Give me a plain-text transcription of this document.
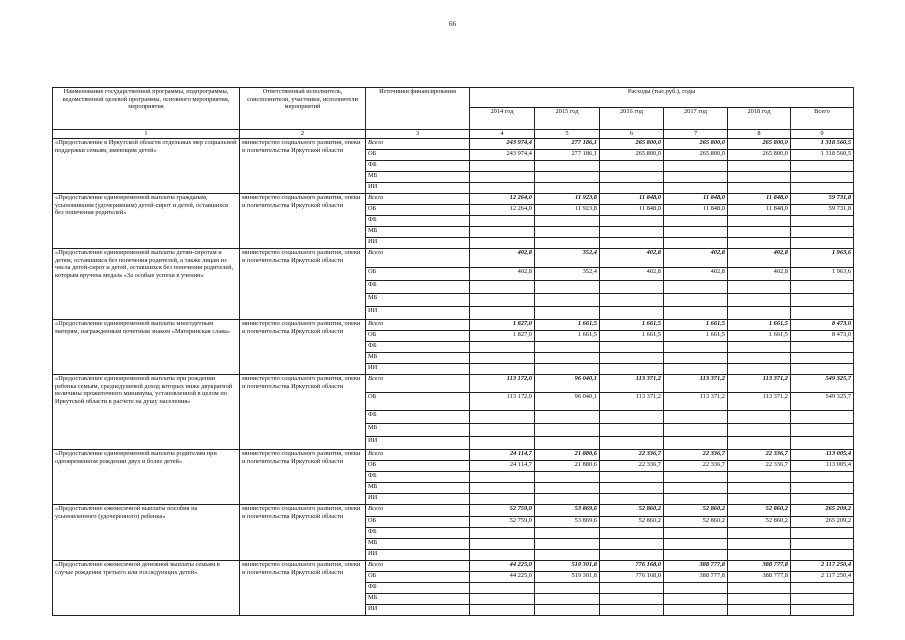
66
Наименование государственной программы, подпрограммы, ведомственной целевой программы, основного мероприятия, мероприятия	Ответственный исполнитель, соисполнители, участники, исполнители мероприятий	Источники финансирования	Расходы (тыс.руб.), годы					
			2014 год	2015 год	2016 год	2017 год	2018 год	Всего
1	2	3	4	5	6	7	8	9
«Предоставление в Иркутской области отдельных мер социальной поддержки семьям, имеющим детей»	министерство социального развития, опеки и попечительства Иркутской области	Всего	243 974,4	277 186,1	265 800,0	265 800,0	265 800,0	1 318 560,5
		ОБ	243 974,4	277 186,1	265 800,0	265 800,0	265 800,0	1 318 560,5
		ФБ						
		МБ						
		ИИ						
«Предоставление единовременной выплаты гражданам, усыновившим (удочерившим) детей-сирот и детей, оставшихся без попечения родителей»	министерство социального развития, опеки и попечительства Иркутской области	Всего	12 264,0	11 923,8	11 848,0	11 848,0	11 848,0	59 731,8
		ОБ	12 264,0	11 923,8	11 848,0	11 848,0	11 848,0	59 731,8
		ФБ						
		МБ						
		ИИ						
«Предоставление единовременной выплаты детям-сиротам и детям, оставшимся без попечения родителей, а также лицам из числа детей-сирот и детей, оставшихся без попечения родителей, которым вручена медаль «За особые успехи в учении»	министерство социального развития, опеки и попечительства Иркутской области	Всего	402,8	352,4	402,8	402,8	402,8	1 963,6
		ОБ	402,8	352,4	402,8	402,8	402,8	1 963,6
		ФБ						
		МБ						
		ИИ						
«Предоставление единовременной выплаты многодетным матерям, награжденным почетным знаком «Материнская слава»	министерство социального развития, опеки и попечительства Иркутской области	Всего	1 827,0	1 661,5	1 661,5	1 661,5	1 661,5	8 473,0
		ОБ	1 827,0	1 661,5	1 661,5	1 661,5	1 661,5	8 473,0
		ФБ						
		МБ						
		ИИ						
«Предоставление единовременной выплаты при рождении ребенка семьям, среднедушевой доход которых ниже двукратной величины прожиточного минимума, установленной в целом по Иркутской области в расчете на душу населения»	министерство социального развития, опеки и попечительства Иркутской области	Всего	113 172,0	96 040,1	113 371,2	113 371,2	113 371,2	549 325,7
		ОБ	113 172,0	96 040,1	113 371,2	113 371,2	113 371,2	549 325,7
		ФБ						
		МБ						
		ИИ						
«Предоставление единовременной выплаты родителям при одновременном рождении двух и более детей»	министерство социального развития, опеки и попечительства Иркутской области	Всего	24 114,7	21 880,6	22 336,7	22 336,7	22 336,7	113 005,4
		ОБ	24 114,7	21 880,6	22 336,7	22 336,7	22 336,7	113 005,4
		ФБ						
		МБ						
		ИИ						
«Предоставление ежемесячной выплаты пособия на усыновленного (удочеренного) ребенка»	министерство социального развития, опеки и попечительства Иркутской области	Всего	52 759,0	53 869,6	52 860,2	52 860,2	52 860,2	265 209,2
		ОБ	52 759,0	53 869,6	52 860,2	52 860,2	52 860,2	265 209,2
		ФБ						
		МБ						
		ИИ						
«Предоставление ежемесячной денежной выплаты семьям в случае рождения третьего или последующих детей»	министерство социального развития, опеки и попечительства Иркутской области	Всего	44 225,0	519 301,8	776 168,0	388 777,8	388 777,8	2 117 250,4
		ОБ	44 225,0	519 301,8	776 168,0	388 777,8	388 777,8	2 117 250,4
		ФБ						
		МБ						
		ИИ						
